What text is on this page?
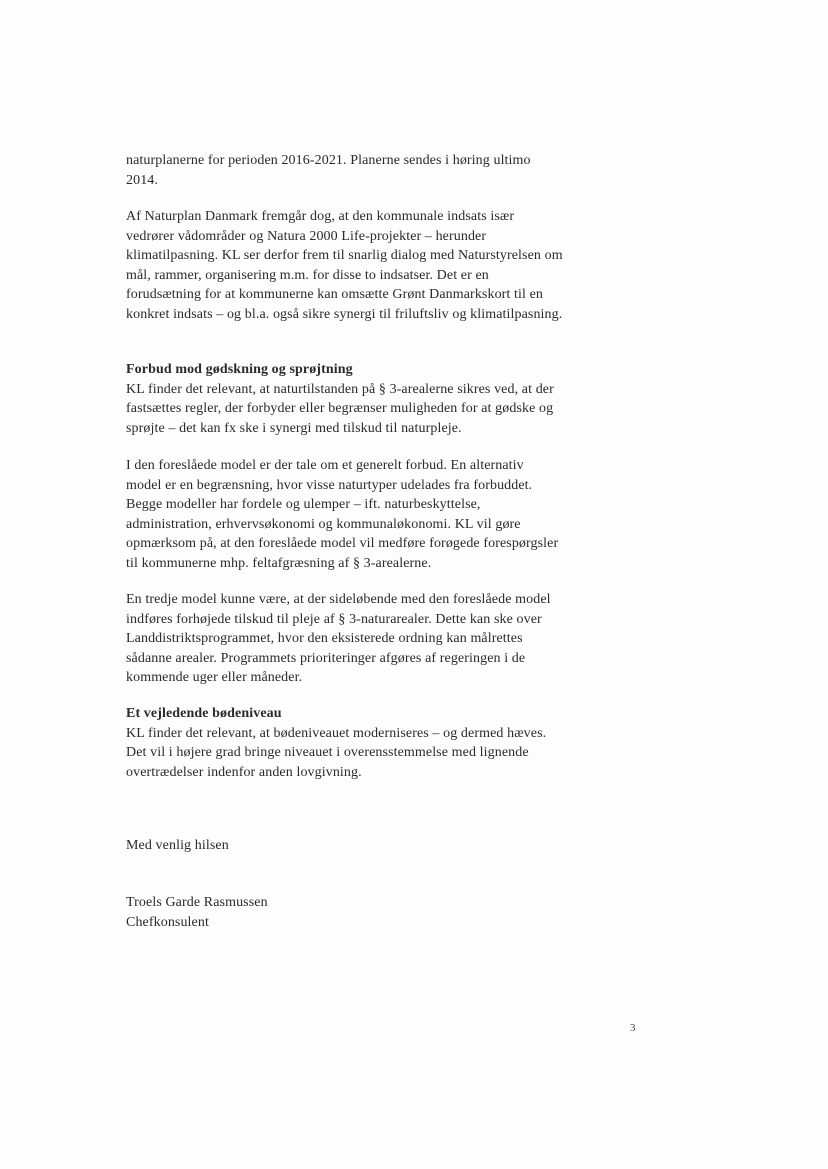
naturplanerne for perioden 2016-2021. Planerne sendes i høring ultimo
2014.
Af Naturplan Danmark fremgår dog, at den kommunale indsats især
vedrører vådområder og Natura 2000 Life-projekter – herunder
klimatilpasning. KL ser derfor frem til snarlig dialog med Naturstyrelsen om
mål, rammer, organisering m.m. for disse to indsatser. Det er en
forudsætning for at kommunerne kan omsætte Grønt Danmarkskort til en
konkret indsats – og bl.a. også sikre synergi til friluftsliv og klimatilpasning.
Forbud mod gødskning og sprøjtning
KL finder det relevant, at naturtilstanden på § 3-arealerne sikres ved, at der
fastsættes regler, der forbyder eller begrænser muligheden for at gødske og
sprøjte – det kan fx ske i synergi med tilskud til naturpleje.
I den foreslåede model er der tale om et generelt forbud. En alternativ
model er en begrænsning, hvor visse naturtyper udelades fra forbuddet.
Begge modeller har fordele og ulemper – ift. naturbeskyttelse,
administration, erhvervsøkonomi og kommunaløkonomi. KL vil gøre
opmærksom på, at den foreslåede model vil medføre forøgede forespørgsler
til kommunerne mhp. feltafgræsning af § 3-arealerne.
En tredje model kunne være, at der sideløbende med den foreslåede model
indføres forhøjede tilskud til pleje af § 3-naturarealer. Dette kan ske over
Landdistriktsprogrammet, hvor den eksisterede ordning kan målrettes
sådanne arealer. Programmets prioriteringer afgøres af regeringen i de
kommende uger eller måneder.
Et vejledende bødeniveau
KL finder det relevant, at bødeniveauet moderniseres – og dermed hæves.
Det vil i højere grad bringe niveauet i overensstemmelse med lignende
overtrædelser indenfor anden lovgivning.
Med venlig hilsen
Troels Garde Rasmussen
Chefkonsulent
3
